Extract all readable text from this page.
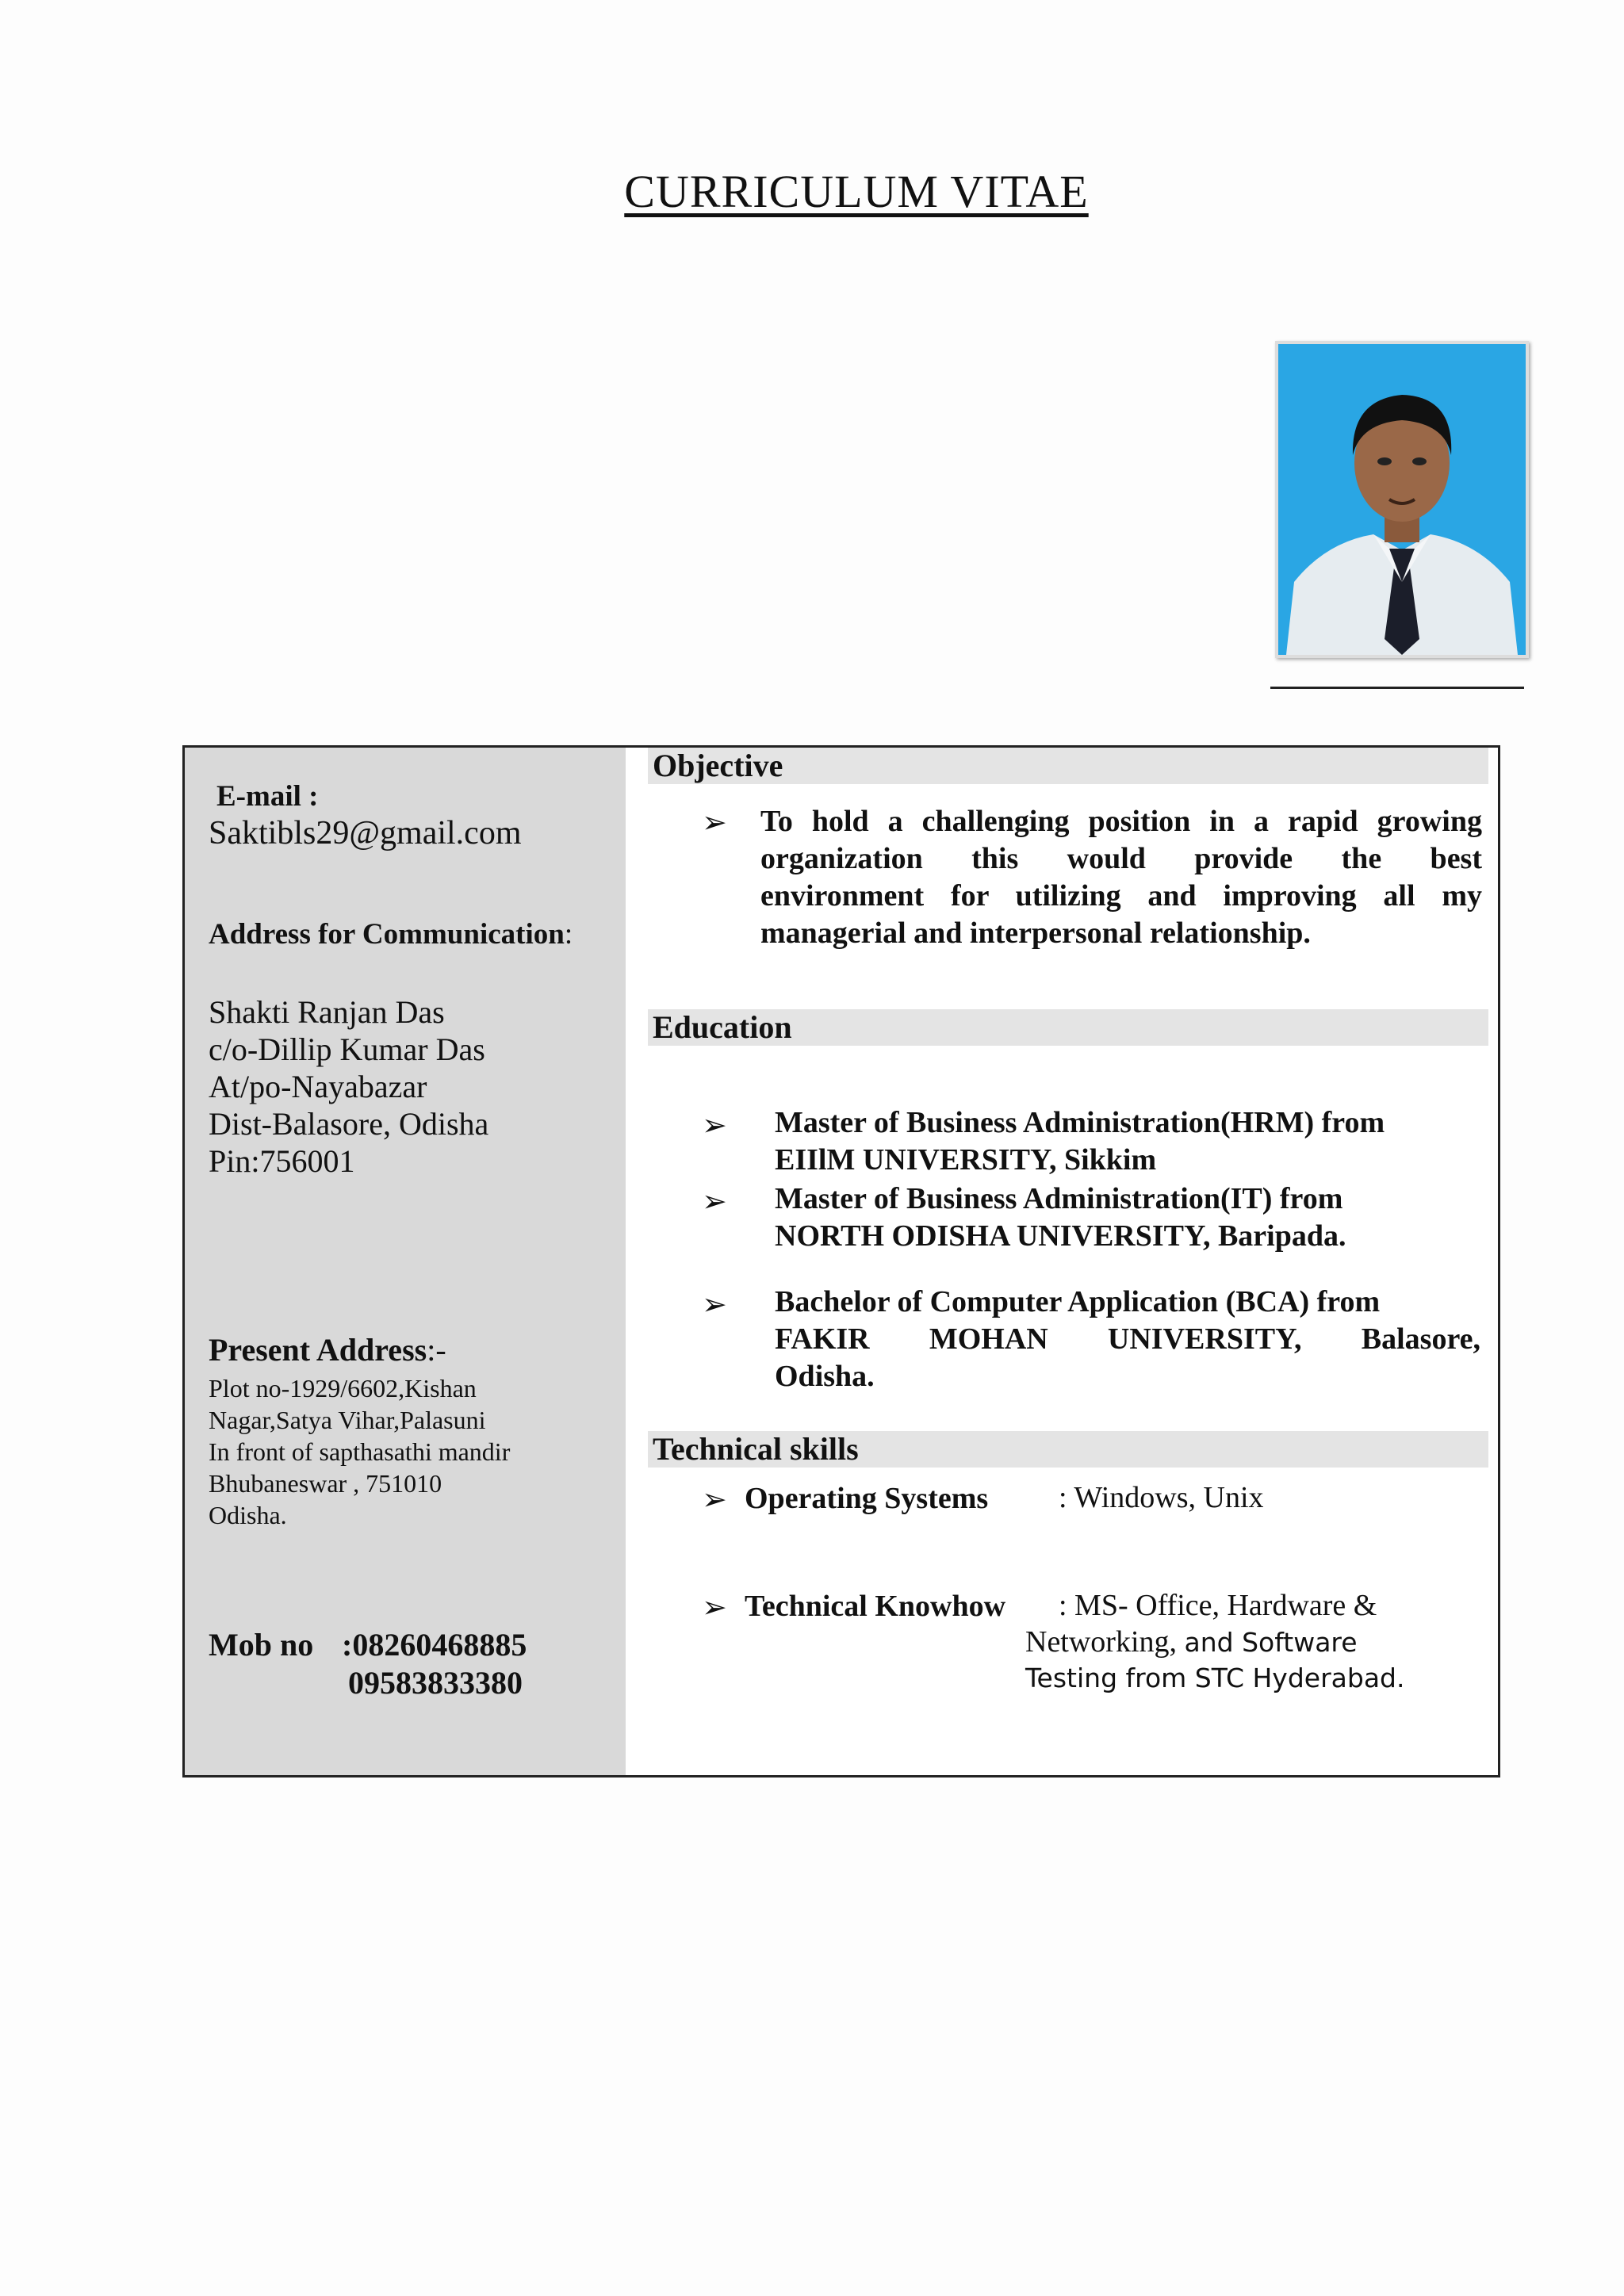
CURRICULUM VITAE
E-mail :
Saktibls29@gmail.com
Address for Communication:
Shakti Ranjan Das
c/o-Dillip Kumar Das
At/po-Nayabazar
Dist-Balasore, Odisha
Pin:756001
Present Address:-
Plot no-1929/6602,Kishan
Nagar,Satya Vihar,Palasuni
In front of sapthasathi mandir
Bhubaneswar , 751010
Odisha.
Mob no :08260468885
09583833380
Objective
➢ To hold a challenging position in a rapid growing
organization this would provide the best
environment for utilizing and improving all my
managerial and interpersonal relationship.
Education
➢ Master of Business Administration(HRM) from
EIIlM UNIVERSITY, Sikkim
➢ Master of Business Administration(IT) from
NORTH ODISHA UNIVERSITY, Baripada.
➢ Bachelor of Computer Application (BCA) from
FAKIR MOHAN UNIVERSITY, Balasore,
Odisha.
Technical skills
➢ Operating Systems : Windows, Unix
➢ Technical Knowhow : MS- Office, Hardware &
Networking, and Software
Testing from STC Hyderabad.
